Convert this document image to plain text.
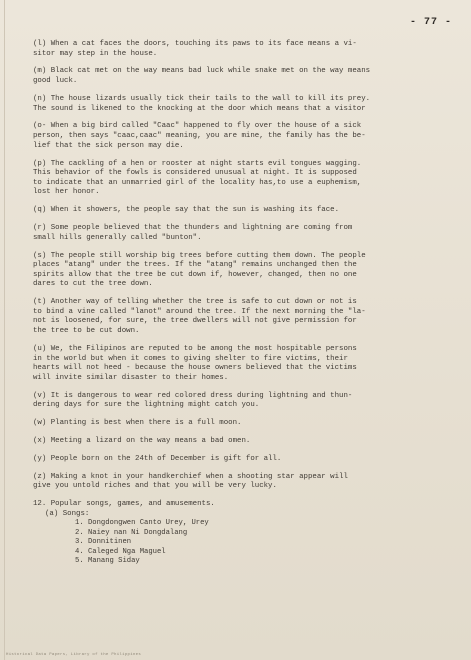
- 77 -
(l) When a cat faces the doors, touching its paws to its face means a vi-
sitor may step in the house.
(m) Black cat met on the way means bad luck while snake met on the way means
good luck.
(n) The house lizards usually tick their tails to the wall to kill its prey.
The sound is likened to the knocking at the door which means that a visitor
(o- When a big bird called "Caac" happened to fly over the house of a sick
person, then says "caac,caac" meaning, you are mine, the family has the be-
lief that the sick person may die.
(p) The cackling of a hen or rooster at night starts evil tongues wagging.
This behavior of the fowls is considered unusual at night. It is supposed
to indicate that an unmarried girl of the locality has,to use a euphemism,
lost her honor.
(q) When it showers, the people say that the sun is washing its face.
(r) Some people believed that the thunders and lightning are coming from
small hills generally called "bunton".
(s) The people still worship big trees before cutting them down. The people
places "atang" under the trees. If the "atang" remains unchanged then the
spirits allow that the tree be cut down if, however, changed, then no one
dares to cut the tree down.
(t) Another way of telling whether the tree is safe to cut down or not is
to bind a vine called "lanot" around the tree. If the next morning the "la-
not is loosened, for sure, the tree dwellers will not give permission for
the tree to be cut down.
(u) We, the Filipinos are reputed to be among the most hospitable persons
in the world but when it comes to giving shelter to fire victims, their
hearts will not heed - because the house owners believed that the victims
will invite similar disaster to their homes.
(v) It is dangerous to wear red colored dress during lightning and thun-
dering days for sure the lightning might catch you.
(w) Planting is best when there is a full moon.
(x) Meeting a lizard on the way means a bad omen.
(y) People born on the 24th of December is gift for all.
(z) Making a knot in your handkerchief when a shooting star appear will
give you untold riches and that you will be very lucky.
12. Popular songs, games, and amusements.
(a) Songs:
1. Dongdongwen Canto Urey, Urey
2. Naiey nan Ni Dongdalang
3. Donnitinen
4. Caleged Nga Maguel
5. Manang Siday
Historical Data Papers, Library of the Philippines
